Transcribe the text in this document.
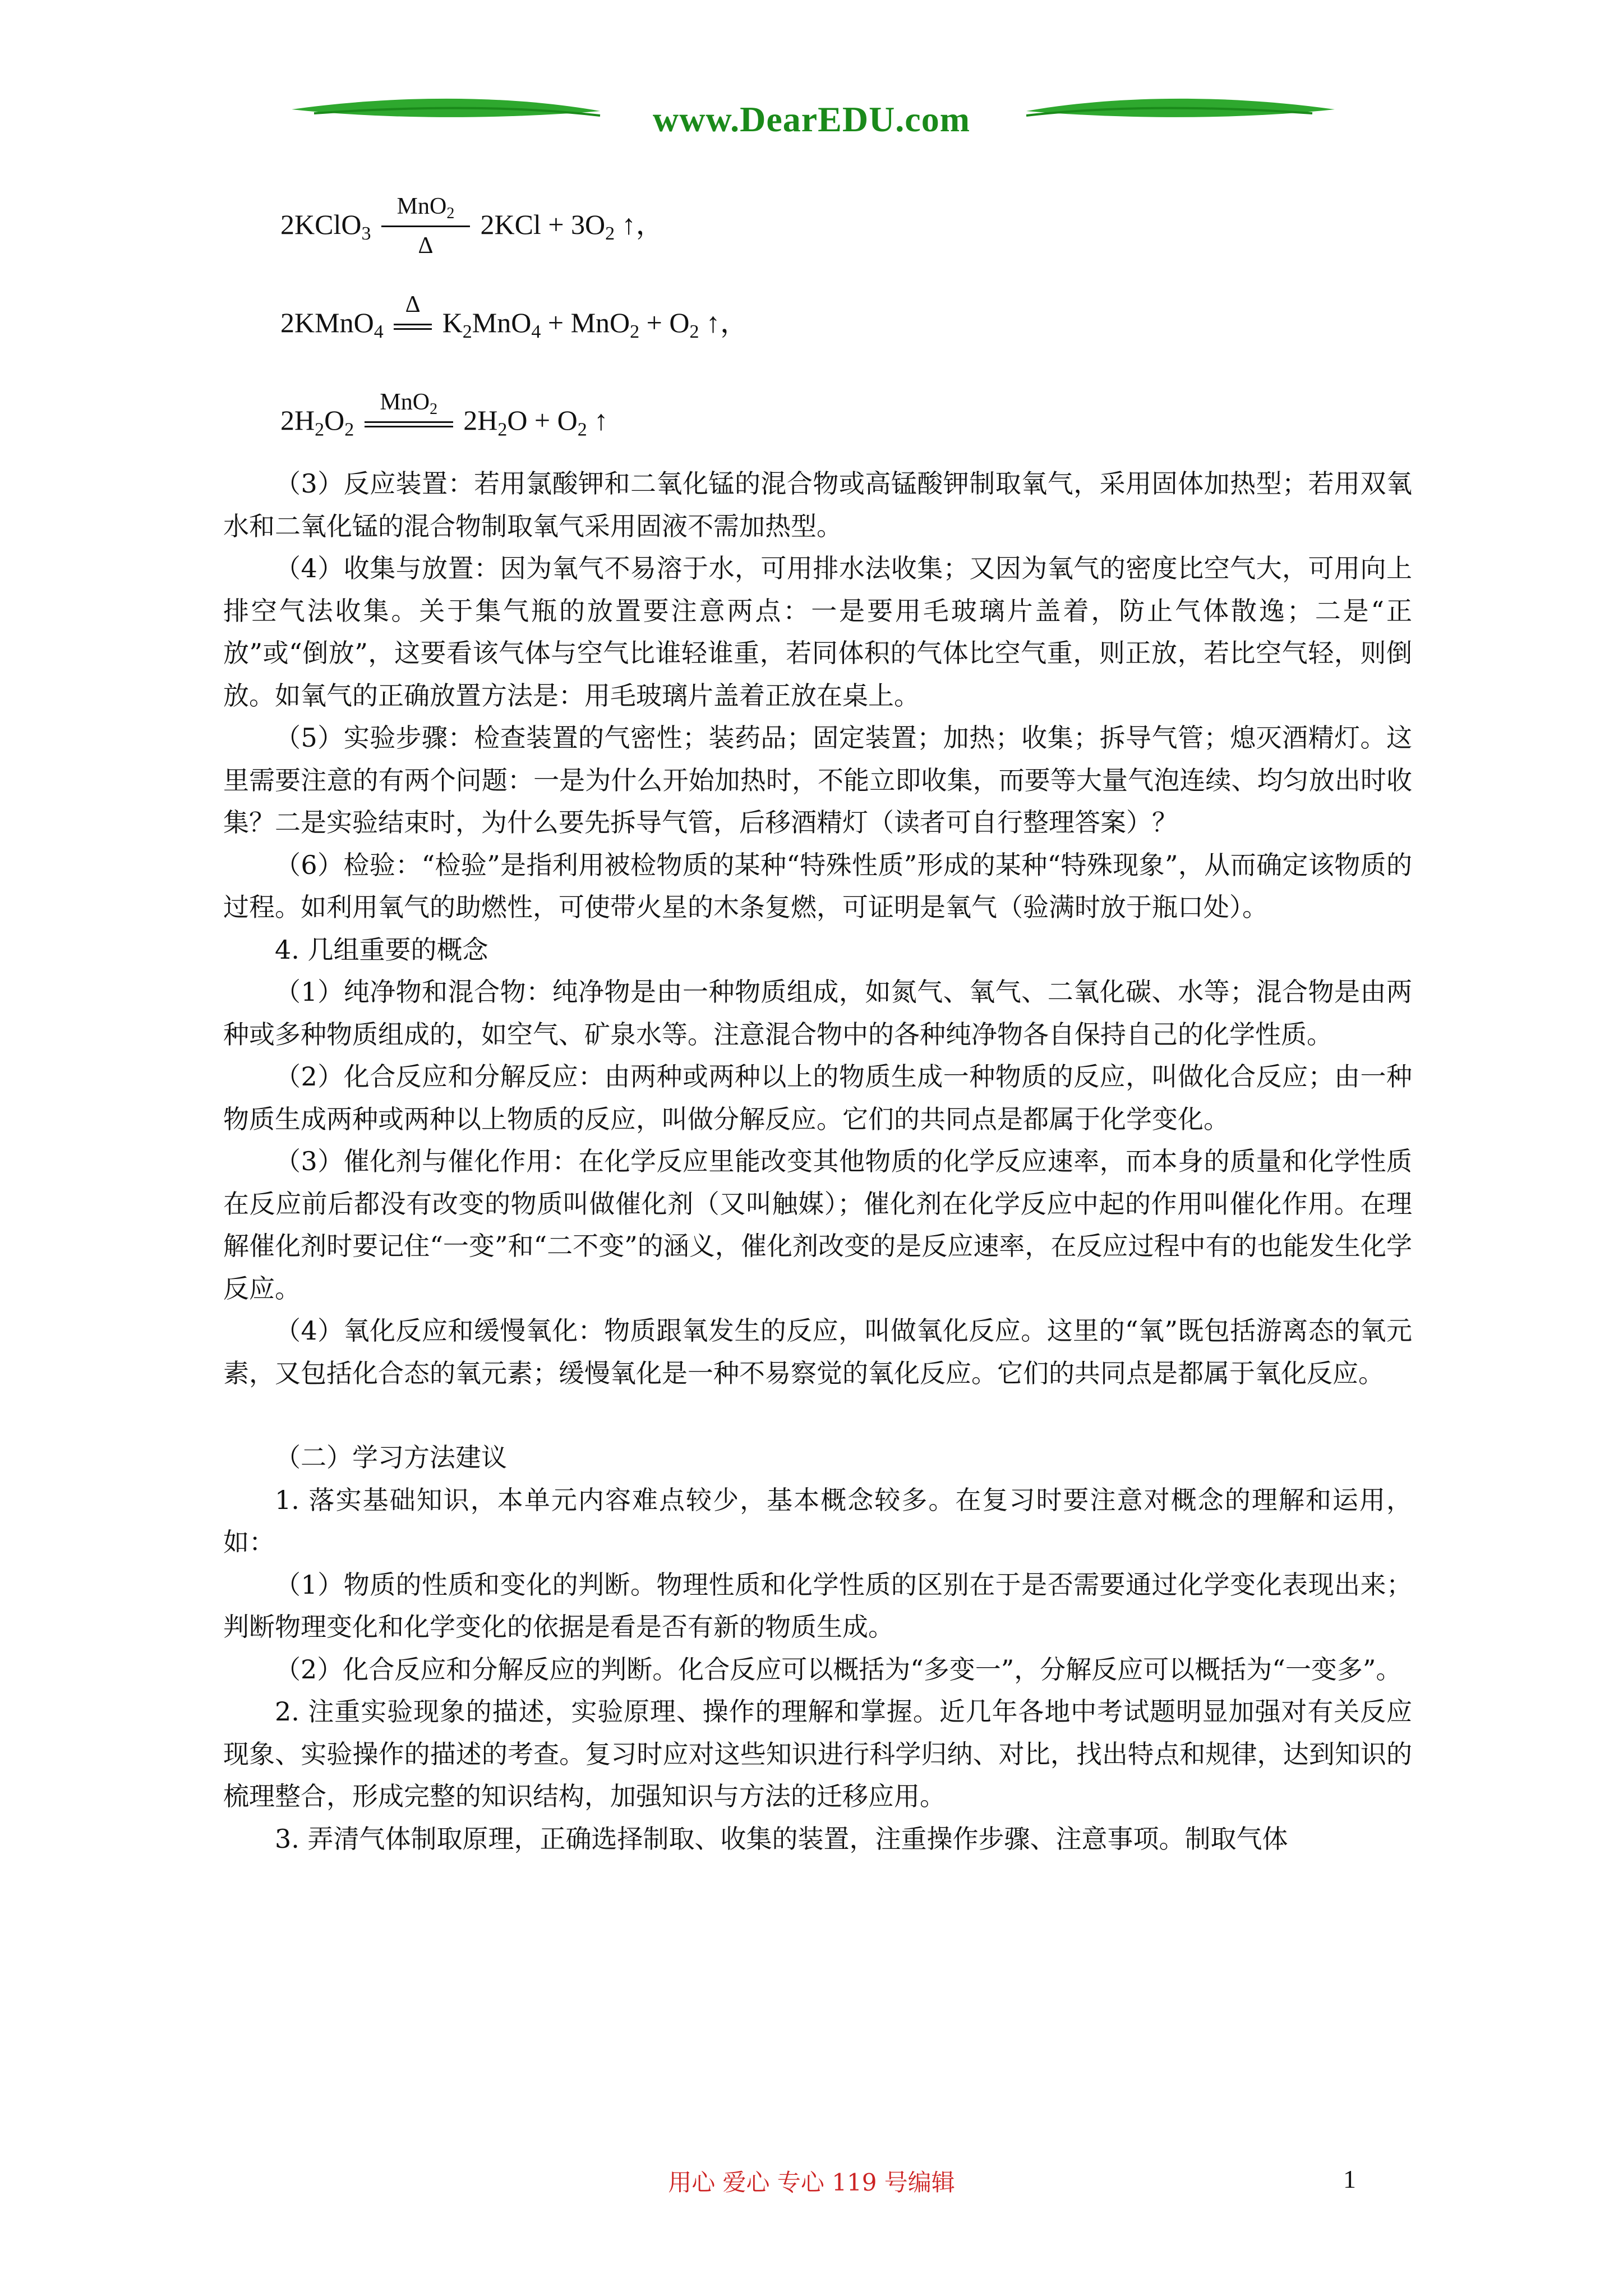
www.DearEDU.com
2KClO$_3$
MnO$_2$
Δ
$2KCl + 3O_2$ ↑，
2KMnO$_4$
Δ
$K_2MnO_4 + MnO_2 + O_2$ ↑，
$2H_2O_2$
MnO$_2$ $2H_2O + O_2$ ↑

（3）反应装置：若用氯酸钾和二氧化锰的混合物或高锰酸钾制取氧气，采用固体加热型；若用双氧水和二氧化锰的混合物制取氧气采用固液不需加热型。

（4）收集与放置：因为氧气不易溶于水，可用排水法收集；又因为氧气的密度比空气大，可用向上排空气法收集。关于集气瓶的放置要注意两点：一是要用毛玻璃片盖着，防止气体散逸；二是“正放”或“倒放”，这要看该气体与空气比谁轻谁重，若同体积的气体比空气重，则正放，若比空气轻，则倒放。如氧气的正确放置方法是：用毛玻璃片盖着正放在桌上。

（5）实验步骤：检查装置的气密性；装药品；固定装置；加热；收集；拆导气管；熄灭酒精灯。这里需要注意的有两个问题：一是为什么开始加热时，不能立即收集，而要等大量气泡连续、均匀放出时收集？二是实验结束时，为什么要先拆导气管，后移酒精灯（读者可自行整理答案）？

（6）检验：“检验”是指利用被检物质的某种“特殊性质”形成的某种“特殊现象”，从而确定该物质的过程。如利用氧气的助燃性，可使带火星的木条复燃，可证明是氧气（验满时放于瓶口处）。

4. 几组重要的概念

（1）纯净物和混合物：纯净物是由一种物质组成，如氮气、氧气、二氧化碳、水等；混合物是由两种或多种物质组成的，如空气、矿泉水等。注意混合物中的各种纯净物各自保持自己的化学性质。

（2）化合反应和分解反应：由两种或两种以上的物质生成一种物质的反应，叫做化合反应；由一种物质生成两种或两种以上物质的反应，叫做分解反应。它们的共同点是都属于化学变化。

（3）催化剂与催化作用：在化学反应里能改变其他物质的化学反应速率，而本身的质量和化学性质在反应前后都没有改变的物质叫做催化剂（又叫触媒）；催化剂在化学反应中起的作用叫催化作用。在理解催化剂时要记住“一变”和“二不变”的涵义，催化剂改变的是反应速率，在反应过程中有的也能发生化学反应。

（4）氧化反应和缓慢氧化：物质跟氧发生的反应，叫做氧化反应。这里的“氧”既包括游离态的氧元素，又包括化合态的氧元素；缓慢氧化是一种不易察觉的氧化反应。它们的共同点是都属于氧化反应。

（二）学习方法建议

1. 落实基础知识，本单元内容难点较少，基本概念较多。在复习时要注意对概念的理解和运用，如：

（1）物质的性质和变化的判断。物理性质和化学性质的区别在于是否需要通过化学变化表现出来；判断物理变化和化学变化的依据是看是否有新的物质生成。

（2）化合反应和分解反应的判断。化合反应可以概括为“多变一”，分解反应可以概括为“一变多”。

2. 注重实验现象的描述，实验原理、操作的理解和掌握。近几年各地中考试题明显加强对有关反应现象、实验操作的描述的考查。复习时应对这些知识进行科学归纳、对比，找出特点和规律，达到知识的梳理整合，形成完整的知识结构，加强知识与方法的迁移应用。

3. 弄清气体制取原理，正确选择制取、收集的装置，注重操作步骤、注意事项。制取气体

用心 爱心 专心 119 号编辑	1
